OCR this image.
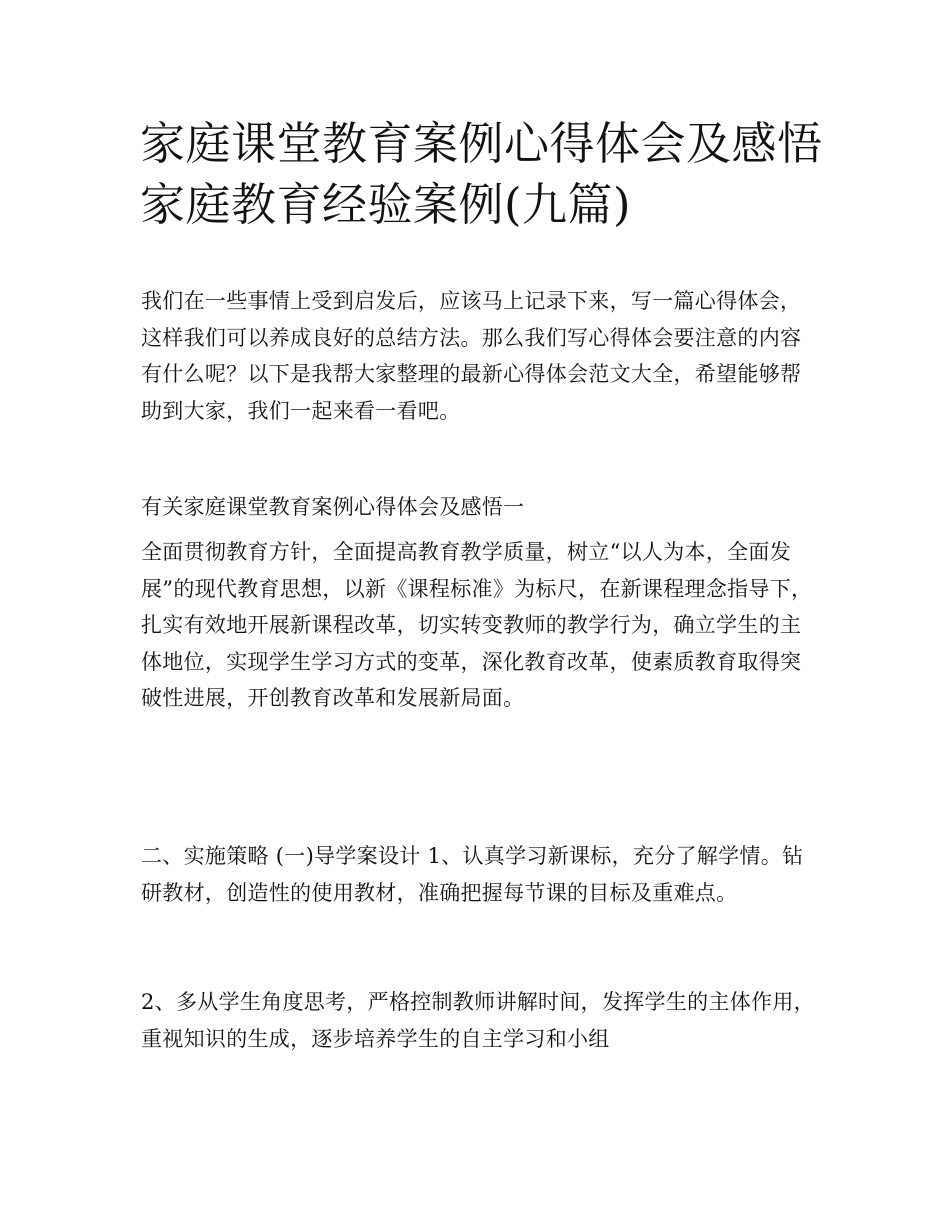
家庭课堂教育案例心得体会及感悟 家庭教育经验案例(九篇)

我们在一些事情上受到启发后，应该马上记录下来，写一篇心得体会，这样我们可以养成良好的总结方法。那么我们写心得体会要注意的内容有什么呢？以下是我帮大家整理的最新心得体会范文大全，希望能够帮助到大家，我们一起来看一看吧。

有关家庭课堂教育案例心得体会及感悟一

全面贯彻教育方针，全面提高教育教学质量，树立“以人为本，全面发展”的现代教育思想，以新《课程标准》为标尺，在新课程理念指导下，扎实有效地开展新课程改革，切实转变教师的教学行为，确立学生的主体地位，实现学生学习方式的变革，深化教育改革，使素质教育取得突破性进展，开创教育改革和发展新局面。

二、实施策略 (一)导学案设计 1、认真学习新课标，充分了解学情。钻研教材，创造性的使用教材，准确把握每节课的目标及重难点。

2、多从学生角度思考，严格控制教师讲解时间，发挥学生的主体作用，重视知识的生成，逐步培养学生的自主学习和小组
